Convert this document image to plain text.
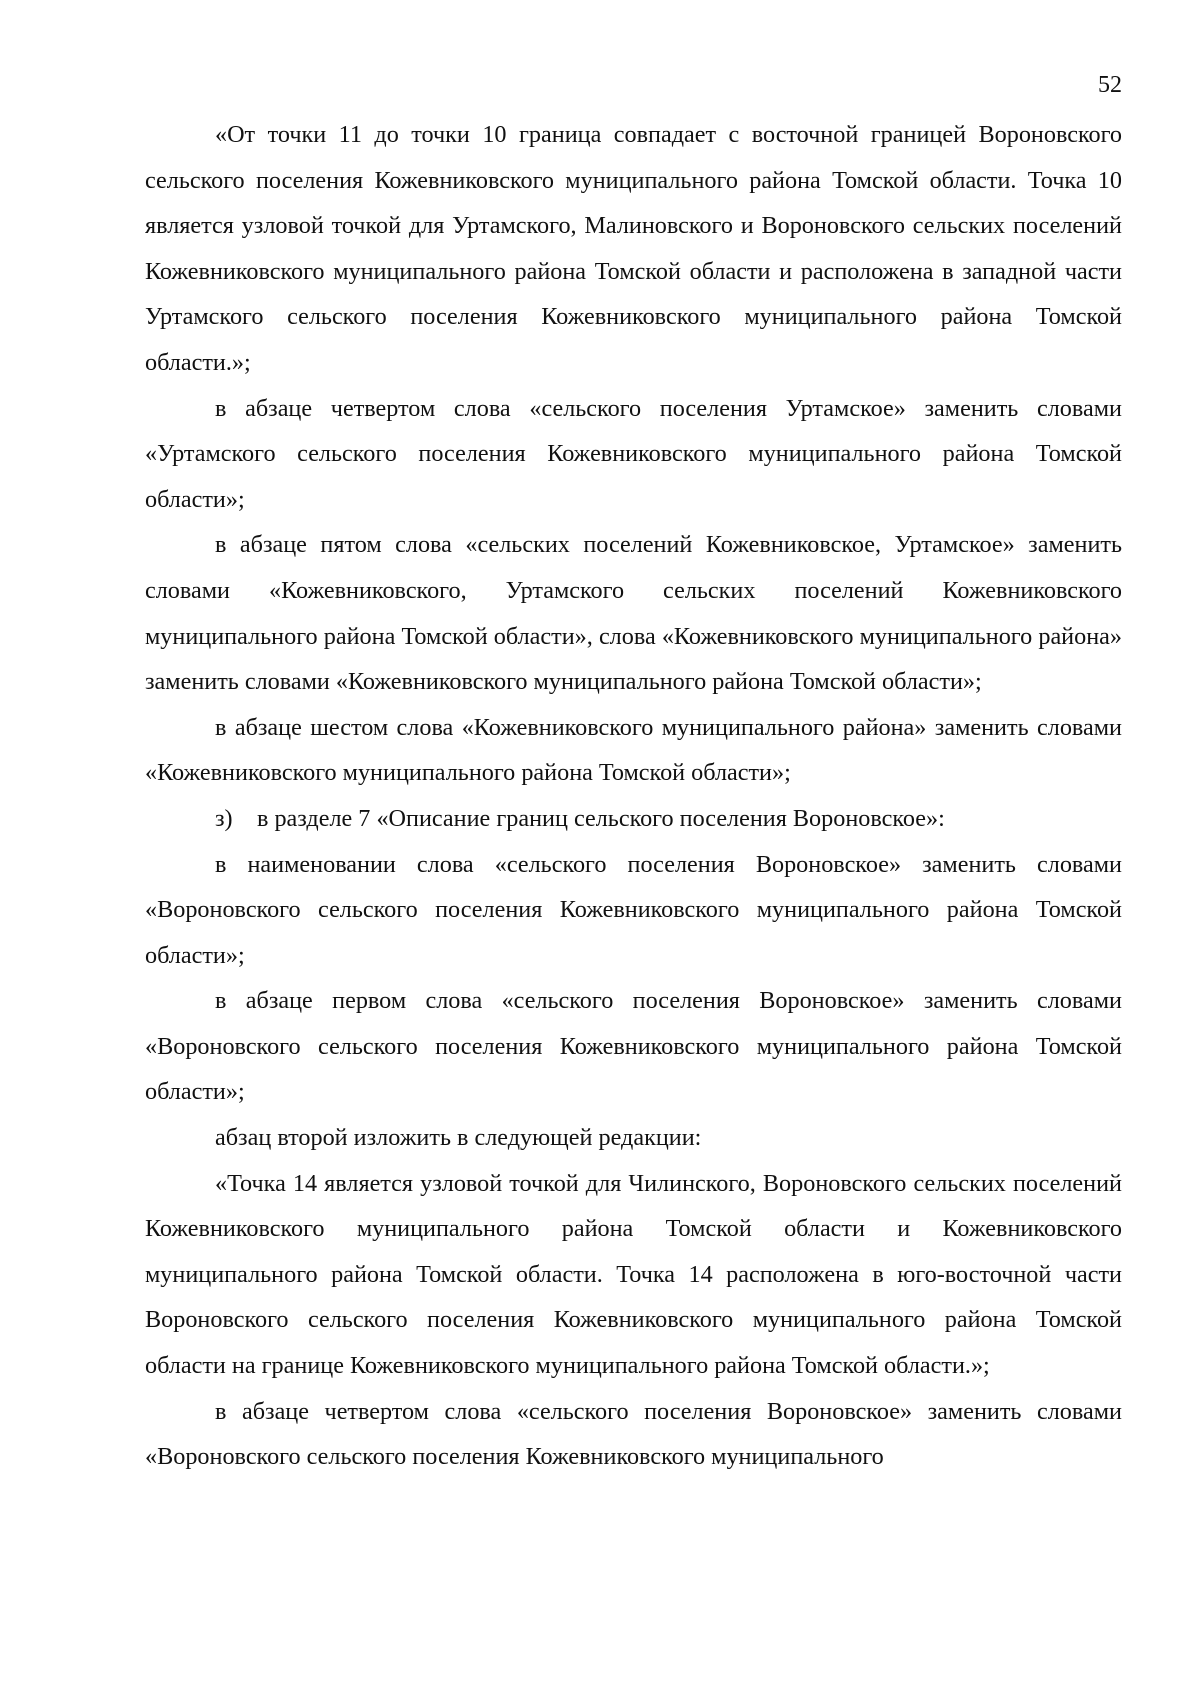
52

«От точки 11 до точки 10 граница совпадает с восточной границей Вороновского сельского поселения Кожевниковского муниципального района Томской области. Точка 10 является узловой точкой для Уртамского, Малиновского и Вороновского сельских поселений Кожевниковского муниципального района Томской области и расположена в западной части Уртамского сельского поселения Кожевниковского муниципального района Томской области.»;

в абзаце четвертом слова «сельского поселения Уртамское» заменить словами «Уртамского сельского поселения Кожевниковского муниципального района Томской области»;

в абзаце пятом слова «сельских поселений Кожевниковское, Уртамское» заменить словами «Кожевниковского, Уртамского сельских поселений Кожевниковского муниципального района Томской области», слова «Кожевниковского муниципального района» заменить словами «Кожевниковского муниципального района Томской области»;

в абзаце шестом слова «Кожевниковского муниципального района» заменить словами «Кожевниковского муниципального района Томской области»;

з) в разделе 7 «Описание границ сельского поселения Вороновское»:

в наименовании слова «сельского поселения Вороновское» заменить словами «Вороновского сельского поселения Кожевниковского муниципального района Томской области»;

в абзаце первом слова «сельского поселения Вороновское» заменить словами «Вороновского сельского поселения Кожевниковского муниципального района Томской области»;

абзац второй изложить в следующей редакции:

«Точка 14 является узловой точкой для Чилинского, Вороновского сельских поселений Кожевниковского муниципального района Томской области и Кожевниковского муниципального района Томской области. Точка 14 расположена в юго-восточной части Вороновского сельского поселения Кожевниковского муниципального района Томской области на границе Кожевниковского муниципального района Томской области.»;

в абзаце четвертом слова «сельского поселения Вороновское» заменить словами «Вороновского сельского поселения Кожевниковского муниципального
